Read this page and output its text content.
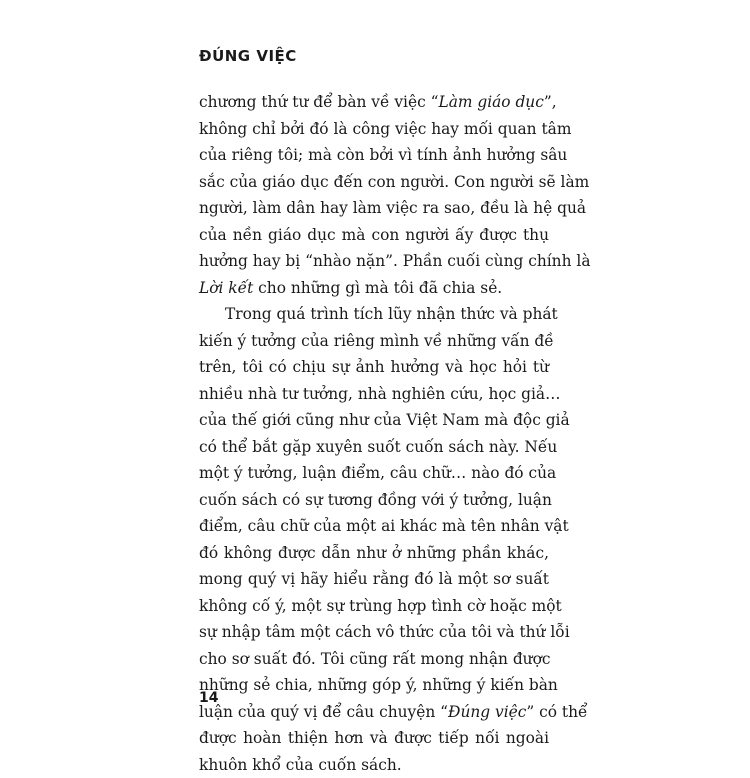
ĐÚNG VIỆC
chương thứ tư để bàn về việc “Làm giáo dục”,
không chỉ bởi đó là công việc hay mối quan tâm
của riêng tôi; mà còn bởi vì tính ảnh hưởng sâu
sắc của giáo dục đến con người. Con người sẽ làm
người, làm dân hay làm việc ra sao, đều là hệ quả
của nền giáo dục mà con người ấy được thụ
hưởng hay bị “nhào nặn”. Phần cuối cùng chính là
Lời kết cho những gì mà tôi đã chia sẻ.
Trong quá trình tích lũy nhận thức và phát
kiến ý tưởng của riêng mình về những vấn đề
trên, tôi có chịu sự ảnh hưởng và học hỏi từ
nhiều nhà tư tưởng, nhà nghiên cứu, học giả…
của thế giới cũng như của Việt Nam mà độc giả
có thể bắt gặp xuyên suốt cuốn sách này. Nếu
một ý tưởng, luận điểm, câu chữ… nào đó của
cuốn sách có sự tương đồng với ý tưởng, luận
điểm, câu chữ của một ai khác mà tên nhân vật
đó không được dẫn như ở những phần khác,
mong quý vị hãy hiểu rằng đó là một sơ suất
không cố ý, một sự trùng hợp tình cờ hoặc một
sự nhập tâm một cách vô thức của tôi và thứ lỗi
cho sơ suất đó. Tôi cũng rất mong nhận được
những sẻ chia, những góp ý, những ý kiến bàn
luận của quý vị để câu chuyện “Đúng việc” có thể
được hoàn thiện hơn và được tiếp nối ngoài
khuôn khổ của cuốn sách.
14
